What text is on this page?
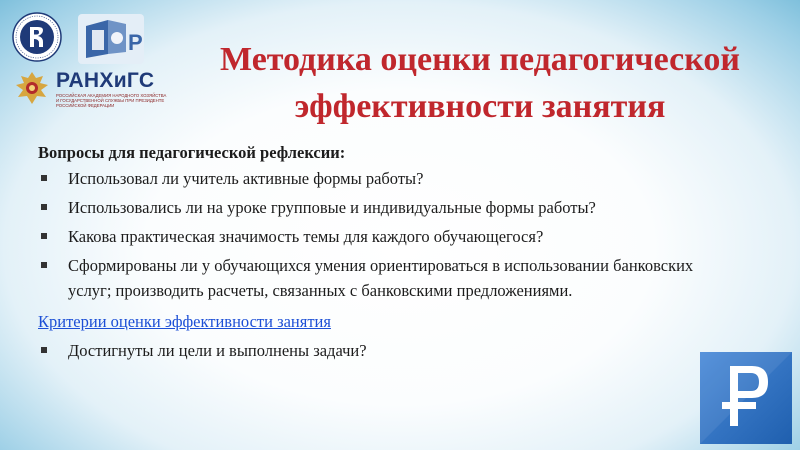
P
РАНХиГС
РОССИЙСКАЯ АКАДЕМИЯ НАРОДНОГО ХОЗЯЙСТВА И ГОСУДАРСТВЕННОЙ СЛУЖБЫ ПРИ ПРЕЗИДЕНТЕ РОССИЙСКОЙ ФЕДЕРАЦИИ
Методика оценки педагогической
эффективности занятия

Вопросы для педагогической рефлексии:

Использовал ли учитель активные формы работы?
Использовались ли на уроке групповые и индивидуальные формы работы?
Какова практическая значимость темы для каждого обучающегося?
Сформированы ли у обучающихся умения ориентироваться в использовании банковских услуг; производить расчеты, связанных с банковскими предложениями.
Критерии оценки эффективности занятия
Достигнуты ли цели и выполнены задачи?
